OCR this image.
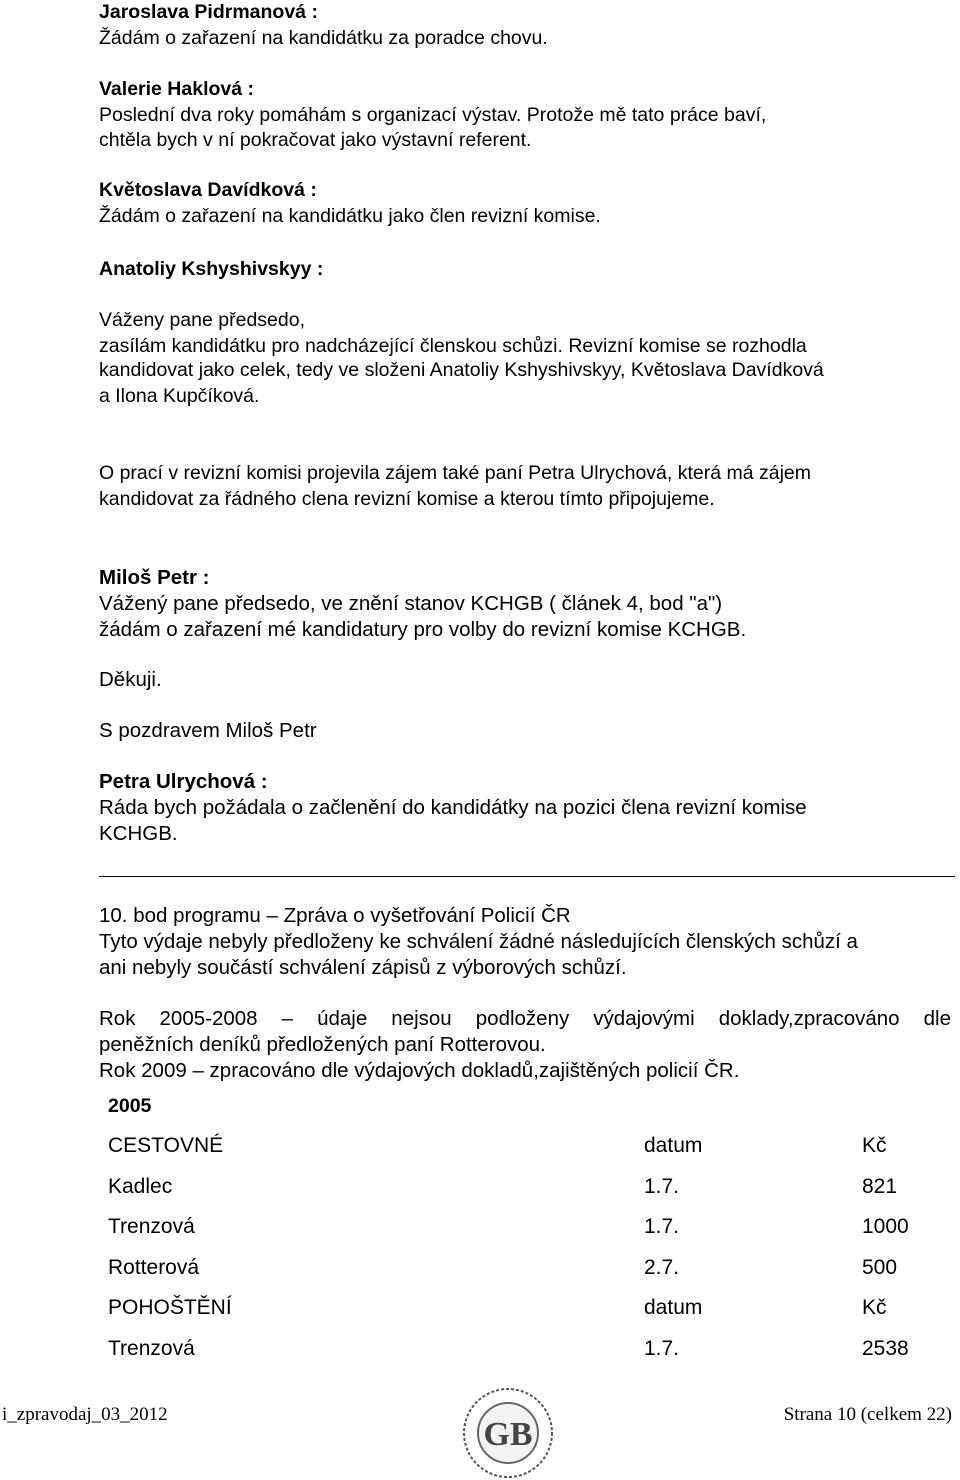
Jaroslava Pidrmanová :
Žádám o zařazení na kandidátku za poradce chovu.
Valerie Haklová :
Poslední dva roky pomáhám s organizací výstav. Protože mě tato práce baví,
chtěla bych v ní pokračovat jako výstavní referent.
Květoslava Davídková :
Žádám o zařazení na kandidátku jako člen revizní komise.
Anatoliy Kshyshivskyy :
Váženy pane předsedo,
zasílám kandidátku pro nadcházející členskou schůzi. Revizní komise se rozhodla
kandidovat jako celek, tedy ve složeni Anatoliy Kshyshivskyy, Květoslava Davídková
a Ilona Kupčíková.
O prací v revizní komisi projevila zájem také paní Petra Ulrychová, která má zájem
kandidovat za řádného clena revizní komise a kterou tímto připojujeme.
Miloš Petr :
Vážený pane předsedo, ve znění stanov KCHGB ( článek 4, bod "a")
žádám o zařazení mé kandidatury pro volby do revizní komise KCHGB.
Děkuji.
S pozdravem Miloš Petr
Petra Ulrychová :
Ráda bych požádala o začlenění do kandidátky na pozici člena revizní komise
KCHGB.
10. bod programu – Zpráva o vyšetřování Policií ČR
Tyto výdaje nebyly předloženy ke schválení žádné následujících členských schůzí a
ani nebyly součástí schválení zápisů z výborových schůzí.
Rok 2005-2008 – údaje nejsou podloženy výdajovými doklady,zpracováno dle
peněžních deníků předložených paní Rotterovou.
Rok 2009 – zpracováno dle výdajových dokladů,zajištěných policií ČR.
2005
CESTOVNÉ	datum	Kč
Kadlec	1.7.	821
Trenzová	1.7.	1000
Rotterová	2.7.	500
POHOŠTĚNÍ	datum	Kč
Trenzová	1.7.	2538
i_zpravodaj_03_2012	Strana 10 (celkem 22)
GB
